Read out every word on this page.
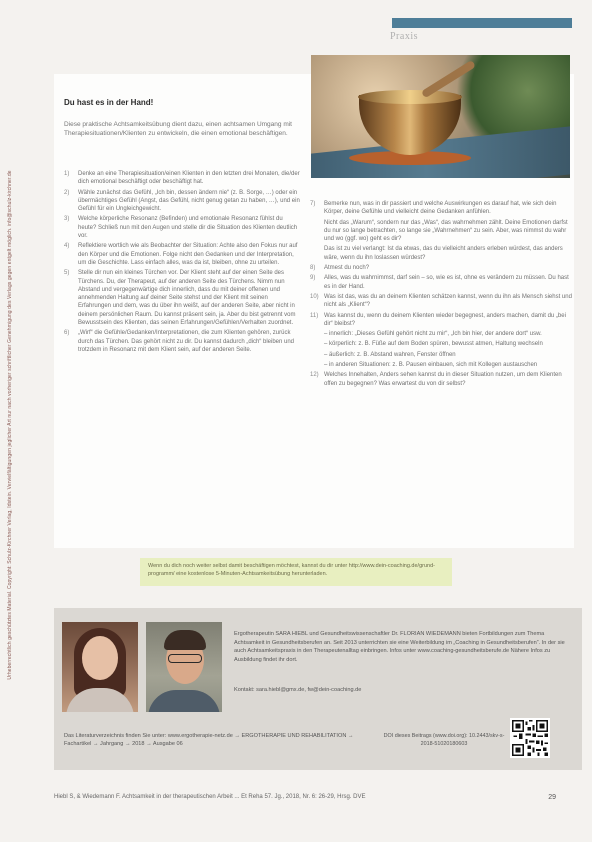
Urheberrechtlich geschütztes Material. Copyright: Schulz-Kirchner Verlag, Idstein. Vervielfältigungen jeglicher Art nur nach vorheriger schriftlicher Genehmigung des Verlags gegen entgelt möglich. info@schulz-kirchner.de
Praxis
Du hast es in der Hand!
Diese praktische Achtsamkeitsübung dient dazu, einen achtsamen Umgang mit Therapiesituationen/Klienten zu entwickeln, die einen emotional beschäftigen.
1)	Denke an eine Therapiesituation/einen Klienten in den letzten drei Monaten, die/der dich emotional beschäftigt oder beschäftigt hat.
2)	Wähle zunächst das Gefühl, „Ich bin, dessen ändern nie“ (z. B. Sorge, …) oder ein übermächtiges Gefühl (Angst, das Gefühl, nicht genug getan zu haben, …), und ein Gefühl für ein Ungleichgewicht.
3)	Welche körperliche Resonanz (Befinden) und emotionale Resonanz fühlst du heute? Schließ nun mit den Augen und stelle dir die Situation des Klienten deutlich vor.
4)	Reflektiere wortlich wie als Beobachter der Situation: Achte also den Fokus nur auf den Körper und die Emotionen. Folge nicht den Gedanken und der Interpretation, um die Geschichte. Lass einfach alles, was da ist, bleiben, ohne zu urteilen.
5)	Stelle dir nun ein kleines Türchen vor. Der Klient steht auf der einen Seite des Türchens. Du, der Therapeut, auf der anderen Seite des Türchens. Nimm nun Abstand und vergegenwärtige dich innerlich, dass du mit deiner offenen und annehmenden Haltung auf deiner Seite stehst und der Klient mit seinen Erfahrungen und dem, was du über ihn weißt, auf der anderen Seite, aber nicht in deinem persönlichen Raum. Du kannst präsent sein, ja. Aber du bist getrennt vom Bewusstsein des Klienten, das seinen Erfahrungen/Gefühlen/Verhalten zuordnet.
6)	„Wirf“ die Gefühle/Gedanken/Interpretationen, die zum Klienten gehören, zurück durch das Türchen. Das gehört nicht zu dir. Du kannst dadurch „dich“ bleiben und trotzdem in Resonanz mit dem Klient sein, auf der anderen Seite.
7)	Bemerke nun, was in dir passiert und welche Auswirkungen es darauf hat, wie sich dein Körper, deine Gefühle und vielleicht deine Gedanken anfühlen.
Nicht das „Warum“, sondern nur das „Was“, das wahrnehmen zählt. Deine Emotionen darfst du nur so lange betrachten, so lange sie „Wahrnehmen“ zu sein. Aber, was nimmst du wahr und wo (ggf. wo) geht es dir?
Das ist zu viel verlangt: Ist da etwas, das du vielleicht anders erleben würdest, das anders wäre, wenn du ihn loslassen würdest?
8)	Atmest du noch?
9)	Alles, was du wahrnimmst, darf sein – so, wie es ist, ohne es verändern zu müssen. Du hast es in der Hand.
10) Was ist das, was du an deinem Klienten schätzen kannst, wenn du ihn als Mensch siehst und nicht als „Klient“?
11) Was kannst du, wenn du deinem Klienten wieder begegnest, anders machen, damit du „bei dir“ bleibst?
– innerlich: „Dieses Gefühl gehört nicht zu mir“, „Ich bin hier, der andere dort“ usw.
– körperlich: z. B. Füße auf dem Boden spüren, bewusst atmen, Haltung wechseln
– äußerlich: z. B. Abstand wahren, Fenster öffnen
– in anderen Situationen: z. B. Pausen einbauen, sich mit Kollegen austauschen
12) Welches Innehalten, Anders sehen kannst du in dieser Situation nutzen, um dem Klienten offen zu begegnen? Was erwartest du von dir selbst?
Wenn du dich noch weiter selbst damit beschäftigen möchtest, kannst du dir unter http://www.dein-coaching.de/grund-programm/ eine kostenlose 5-Minuten-Achtsamkeitsübung herunterladen.
Ergotherapeutin SARA HIEBL und Gesundheitswissenschaftler Dr. FLORIAN WIEDEMANN bieten Fortbildungen zum Thema Achtsamkeit in Gesundheitsberufen an. Seit 2013 unterrichten sie eine Weiterbildung im „Coaching in Gesundheitsberufen“. In der sie auch Achtsamkeitspraxis in den Therapeutenalltag einbringen. Infos unter www.coaching-gesundheitsberufe.de Nähere Infos zu Ausbildung findet ihr dort.
Kontakt: sara.hiebl@gmx.de, fw@dein-coaching.de
Das Literaturverzeichnis finden Sie unter: www.ergotherapie-netz.de → ERGOTHERAPIE UND REHABILITATION → Fachartikel → Jahrgang → 2018 → Ausgabe 06
DOI dieses Beitrags (www.doi.org): 10.2443/skv-s-2018-51020180603
Hiebl S, & Wiedemann F. Achtsamkeit in der therapeutischen Arbeit ... Et Reha 57. Jg., 2018, Nr. 6: 26-29, Hrsg. DVE	29
